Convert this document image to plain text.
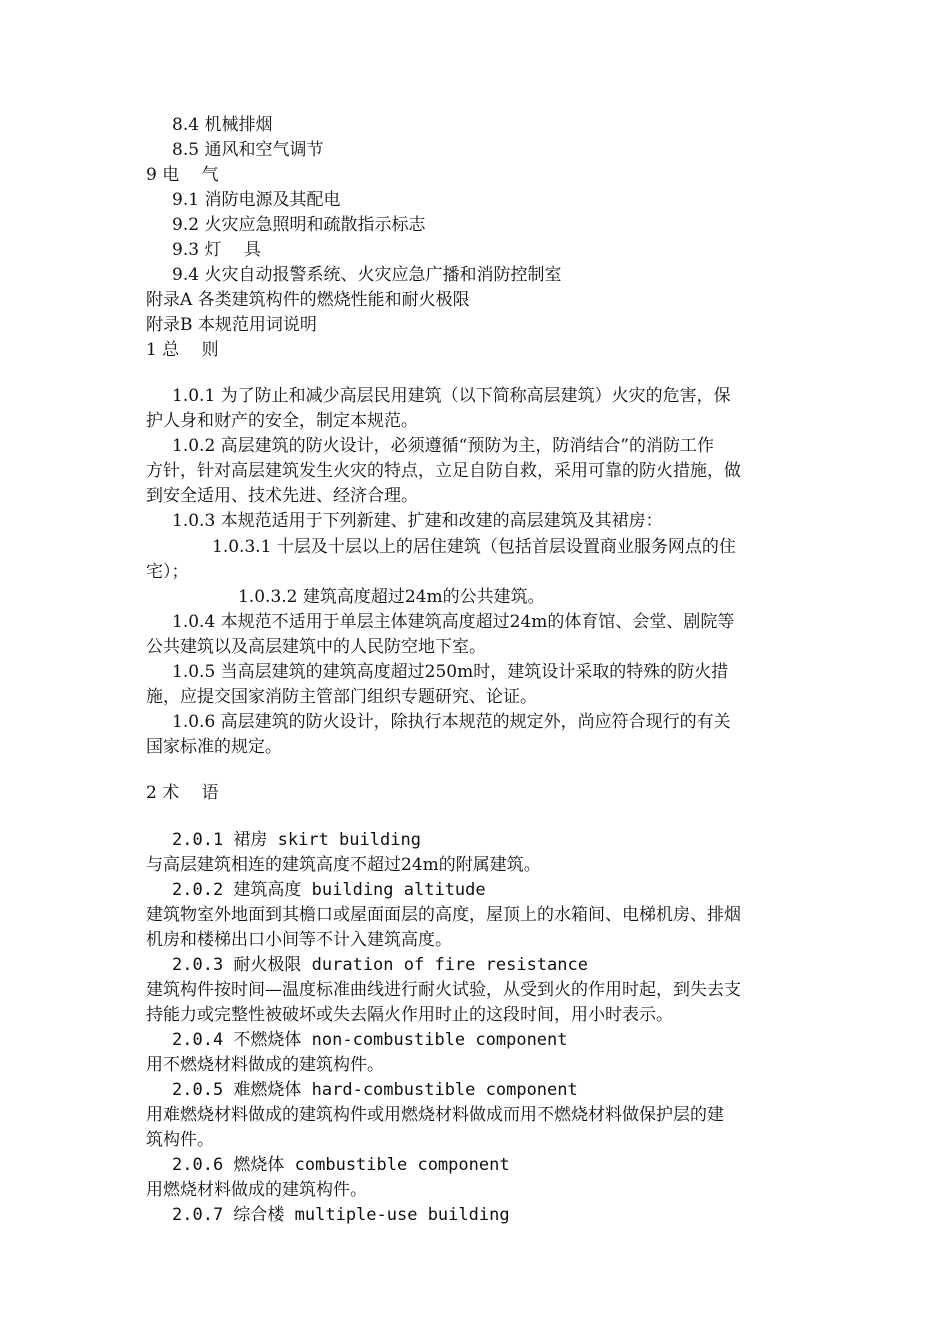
8.4 机械排烟
8.5 通风和空气调节
9 电　 气
9.1 消防电源及其配电
9.2 火灾应急照明和疏散指示标志
9.3 灯　 具
9.4 火灾自动报警系统、火灾应急广播和消防控制室
附录A 各类建筑构件的燃烧性能和耐火极限
附录B 本规范用词说明
1 总　 则
1.0.1 为了防止和减少高层民用建筑（以下简称高层建筑）火灾的危害，保
护人身和财产的安全，制定本规范。
1.0.2 高层建筑的防火设计，必须遵循“预防为主，防消结合”的消防工作
方针，针对高层建筑发生火灾的特点，立足自防自救，采用可靠的防火措施，做
到安全适用、技术先进、经济合理。
1.0.3 本规范适用于下列新建、扩建和改建的高层建筑及其裙房：
1.0.3.1 十层及十层以上的居住建筑（包括首层设置商业服务网点的住
宅）；
1.0.3.2 建筑高度超过24m的公共建筑。
1.0.4 本规范不适用于单层主体建筑高度超过24m的体育馆、会堂、剧院等
公共建筑以及高层建筑中的人民防空地下室。
1.0.5 当高层建筑的建筑高度超过250m时，建筑设计采取的特殊的防火措
施，应提交国家消防主管部门组织专题研究、论证。
1.0.6 高层建筑的防火设计，除执行本规范的规定外，尚应符合现行的有关
国家标准的规定。
2 术　 语
2.0.1 裙房 skirt building
与高层建筑相连的建筑高度不超过24m的附属建筑。
2.0.2 建筑高度 building altitude
建筑物室外地面到其檐口或屋面面层的高度，屋顶上的水箱间、电梯机房、排烟
机房和楼梯出口小间等不计入建筑高度。
2.0.3 耐火极限 duration of fire resistance
建筑构件按时间—温度标准曲线进行耐火试验，从受到火的作用时起，到失去支
持能力或完整性被破坏或失去隔火作用时止的这段时间，用小时表示。
2.0.4 不燃烧体 non-combustible component
用不燃烧材料做成的建筑构件。
2.0.5 难燃烧体 hard-combustible component
用难燃烧材料做成的建筑构件或用燃烧材料做成而用不燃烧材料做保护层的建
筑构件。
2.0.6 燃烧体 combustible component
用燃烧材料做成的建筑构件。
2.0.7 综合楼 multiple-use building
